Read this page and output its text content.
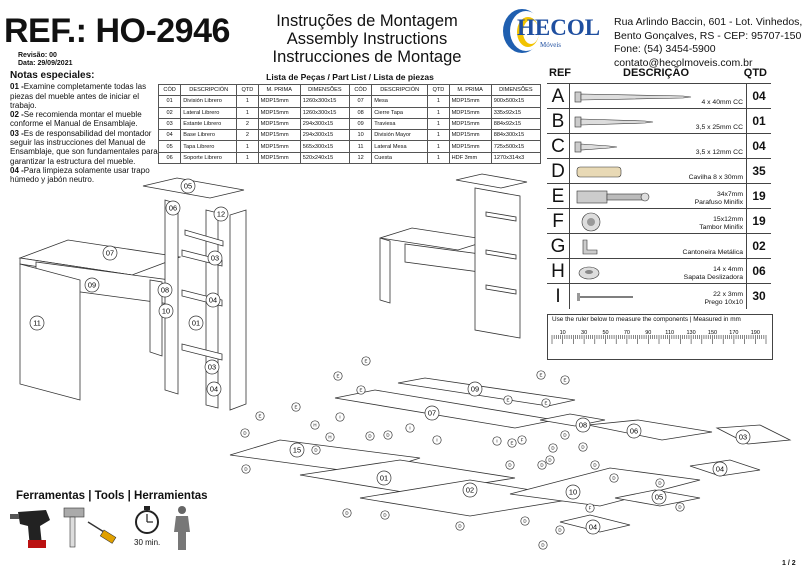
REF.: HO-2946
Revisão: 00
Data: 29/09/2021
Instruções de Montagem
Assembly Instructions
Instrucciones de Montage
HECOL
Móveis
Rua Arlindo Baccin, 601 - Lot. Vinhedos,
Bento Gonçalves, RS - CEP: 95707-150
Fone: (54) 3454-5900
contato@hecolmoveis.com.br
Notas especiales:

01 -Examine completamente todas las piezas del mueble antes de iniciar el trabajo.

02 -Se recomienda montar el mueble conforme el Manual de Ensamblaje.

03 -Es de responsabilidad del montador seguir las instrucciones del Manual de Ensamblaje, que son fundamentales para garantizar la estructura del mueble.

04 -Para limpieza solamente usar trapo húmedo y jabón neutro.

Lista de Peças / Part List / Lista de piezas
CÓD	DESCRIPCIÓN	QTD	M. PRIMA	DIMENSÕES	CÓD	DESCRIPCIÓN	QTD	M. PRIMA	DIMENSÕES
01	División Librero	1	MDP15mm	1260x300x15	07	Mesa	1	MDP15mm	900x500x15
02	Lateral Librero	1	MDP15mm	1260x300x15	08	Cierre Tapa	1	MDP15mm	335x92x15
03	Estante Librero	2	MDP15mm	294x300x15	09	Traviesa	1	MDP15mm	884x92x15
04	Base Librero	2	MDP15mm	294x300x15	10	División Mayor	1	MDP15mm	884x300x15
05	Tapa Librero	1	MDP15mm	565x300x15	11	Lateral Mesa	1	MDP15mm	725x500x15
06	Soporte Librero	1	MDP15mm	520x240x15	12	Cuesta	1	HDF 3mm	1270x314x3
REF	DESCRIÇÃO	QTD
A	4 x 40mm CC 04
B	3,5 x 25mm CC 01
C	3,5 x 12mm CC 04
D	Cavilha 8 x 30mm 35
E	34x7mm
Parafuso Minifix 19
F	15x12mm
Tambor Minifix 19
G	Cantoneira Metálica 02
H	14 x 4mm
Sapata Deslizadora 06
I	22 x 3mm
Prego 10x10 30
Use the ruler below to measure the components | Measured in mm
10	30	50	70	90	110 130 150 170 190
05
06
12
07
03
08
09
04
10
01
11
03
04	09
07
15
08
06
03
01
02	10
05
04
04
E
E
E
E
E
E
E
E
E
I
I
I	I
H
H
D
D
D
D	D
D
D
D
D
D
D
D	D
D
D
D
D
D
D
D
D
F
F
E
Ferramentas | Tools | Herramientas
30 min.
1 / 2
